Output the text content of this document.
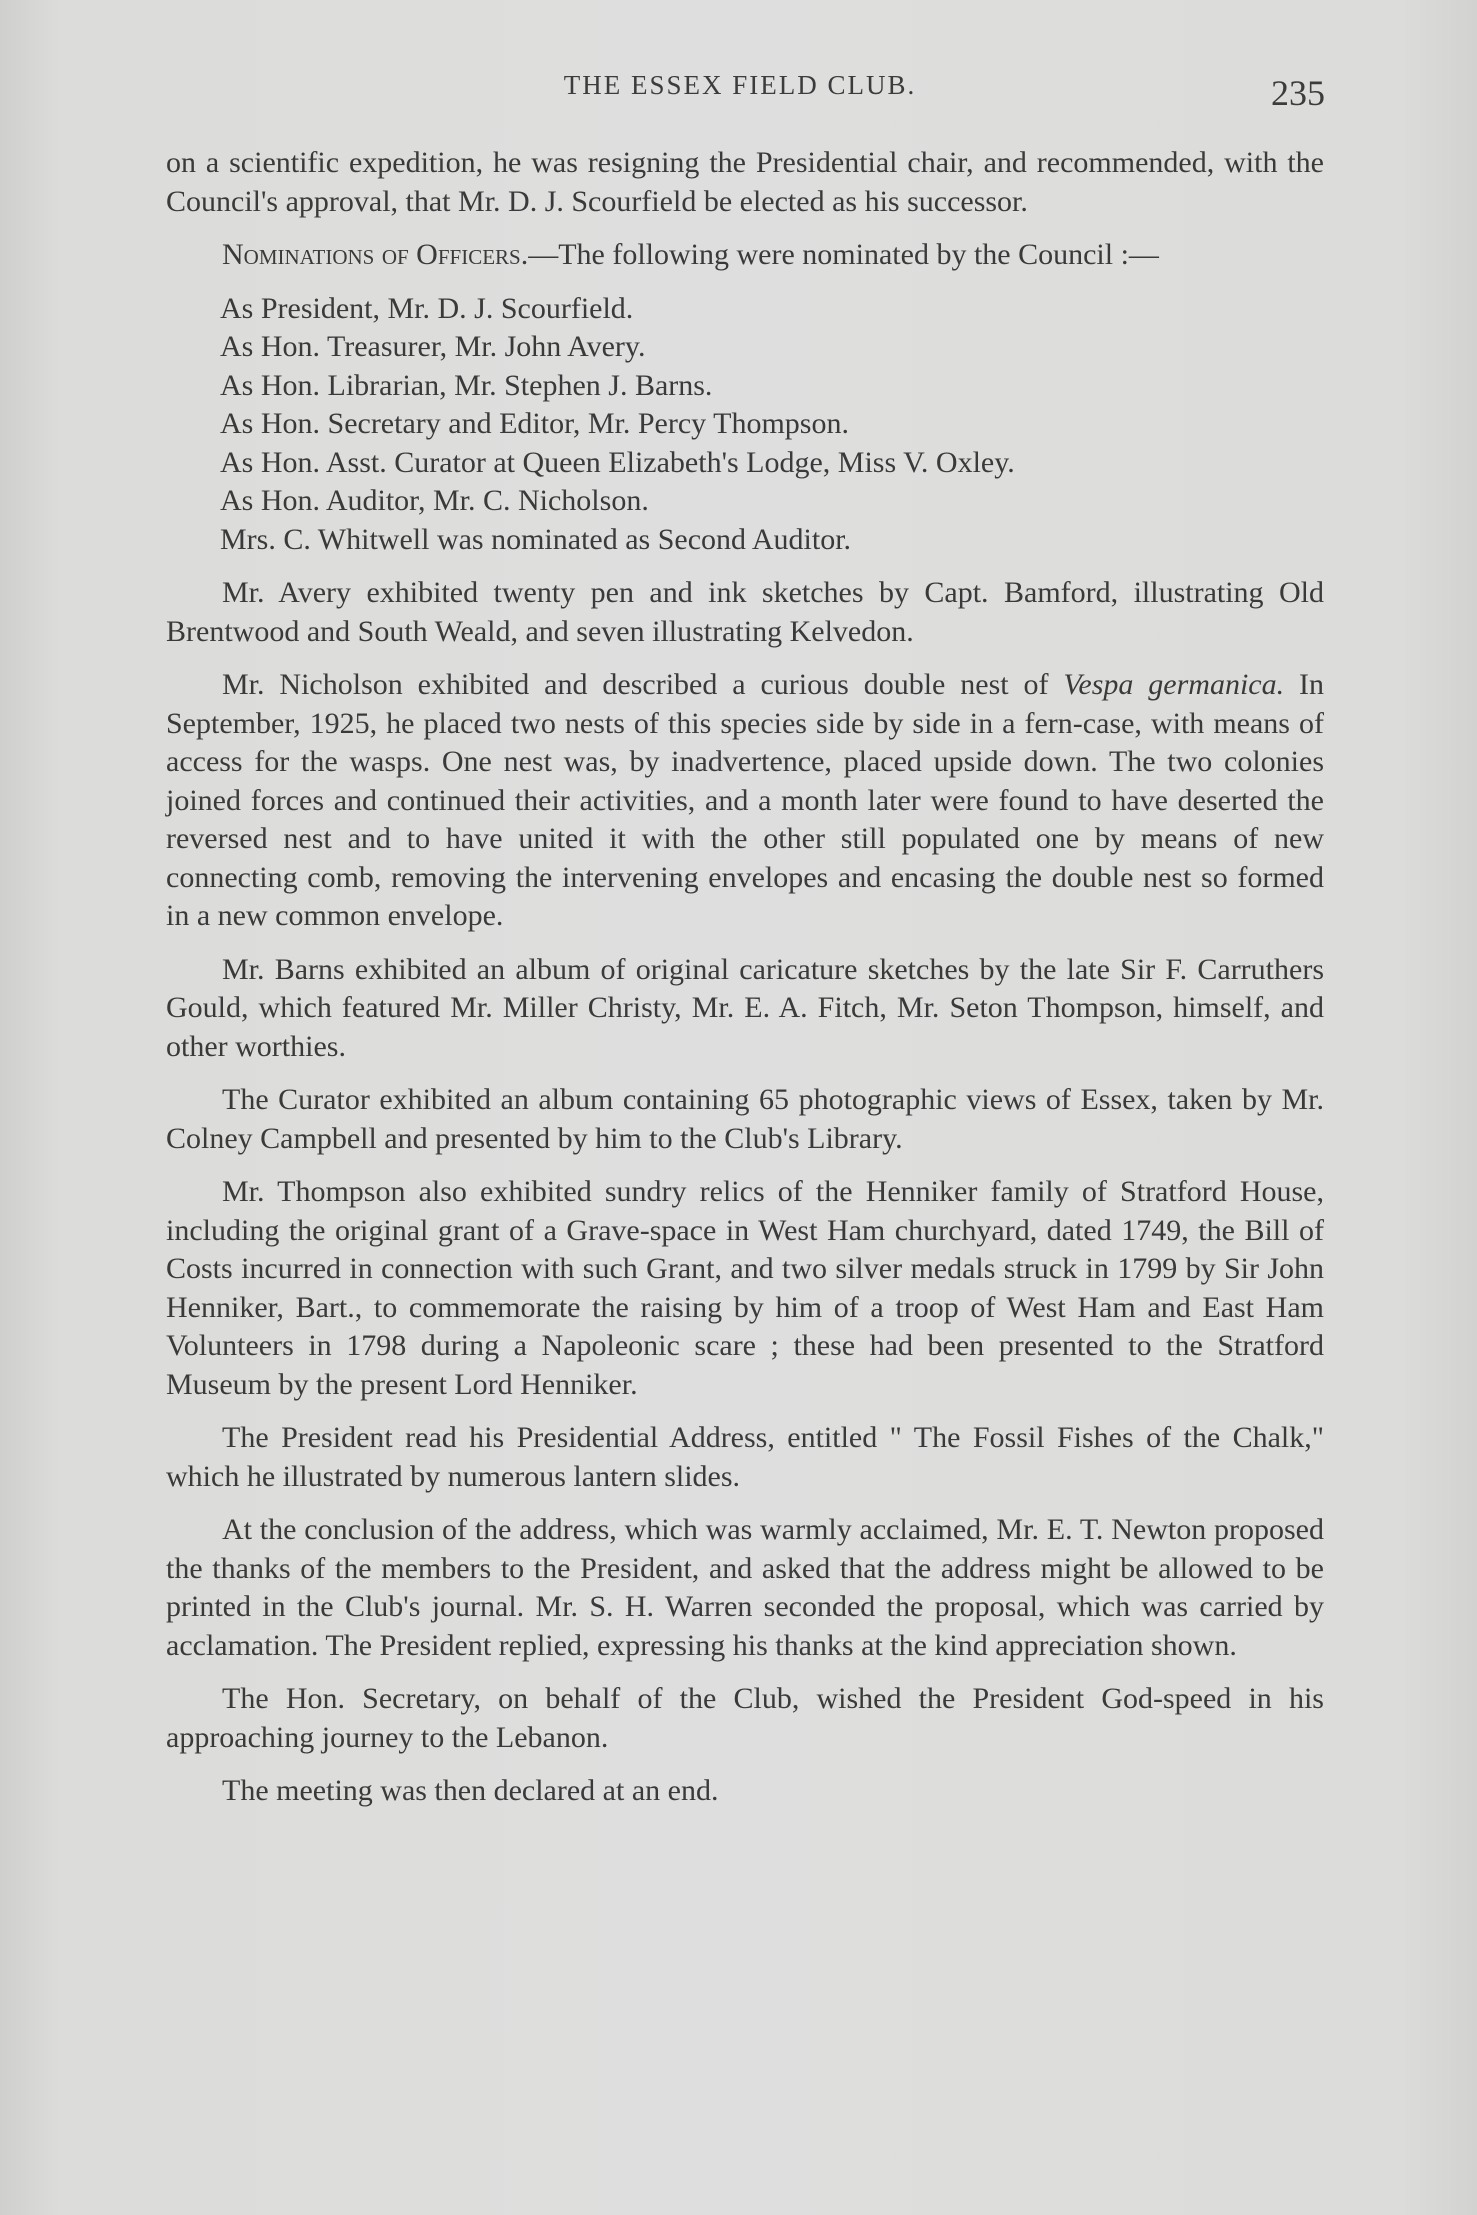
THE ESSEX FIELD CLUB.	235

on a scientific expedition, he was resigning the Presidential chair, and recommended, with the Council's approval, that Mr. D. J. Scourfield be elected as his successor.

Nominations of Officers.—The following were nominated by the Council :—

As President, Mr. D. J. Scourfield.
As Hon. Treasurer, Mr. John Avery.
As Hon. Librarian, Mr. Stephen J. Barns.
As Hon. Secretary and Editor, Mr. Percy Thompson.
As Hon. Asst. Curator at Queen Elizabeth's Lodge, Miss V. Oxley.
As Hon. Auditor, Mr. C. Nicholson.
Mrs. C. Whitwell was nominated as Second Auditor.

Mr. Avery exhibited twenty pen and ink sketches by Capt. Bamford, illustrating Old Brentwood and South Weald, and seven illustrating Kelvedon.

Mr. Nicholson exhibited and described a curious double nest of Vespa germanica. In September, 1925, he placed two nests of this species side by side in a fern-case, with means of access for the wasps. One nest was, by inadvertence, placed upside down. The two colonies joined forces and continued their activities, and a month later were found to have deserted the reversed nest and to have united it with the other still populated one by means of new connecting comb, removing the intervening envelopes and encasing the double nest so formed in a new common envelope.

Mr. Barns exhibited an album of original caricature sketches by the late Sir F. Carruthers Gould, which featured Mr. Miller Christy, Mr. E. A. Fitch, Mr. Seton Thompson, himself, and other worthies.

The Curator exhibited an album containing 65 photographic views of Essex, taken by Mr. Colney Campbell and presented by him to the Club's Library.

Mr. Thompson also exhibited sundry relics of the Henniker family of Stratford House, including the original grant of a Grave-space in West Ham churchyard, dated 1749, the Bill of Costs incurred in connection with such Grant, and two silver medals struck in 1799 by Sir John Henniker, Bart., to commemorate the raising by him of a troop of West Ham and East Ham Volunteers in 1798 during a Napoleonic scare ; these had been presented to the Stratford Museum by the present Lord Henniker.

The President read his Presidential Address, entitled " The Fossil Fishes of the Chalk," which he illustrated by numerous lantern slides.

At the conclusion of the address, which was warmly acclaimed, Mr. E. T. Newton proposed the thanks of the members to the President, and asked that the address might be allowed to be printed in the Club's journal. Mr. S. H. Warren seconded the proposal, which was carried by acclamation. The President replied, expressing his thanks at the kind appreciation shown.

The Hon. Secretary, on behalf of the Club, wished the President God-speed in his approaching journey to the Lebanon.

The meeting was then declared at an end.
